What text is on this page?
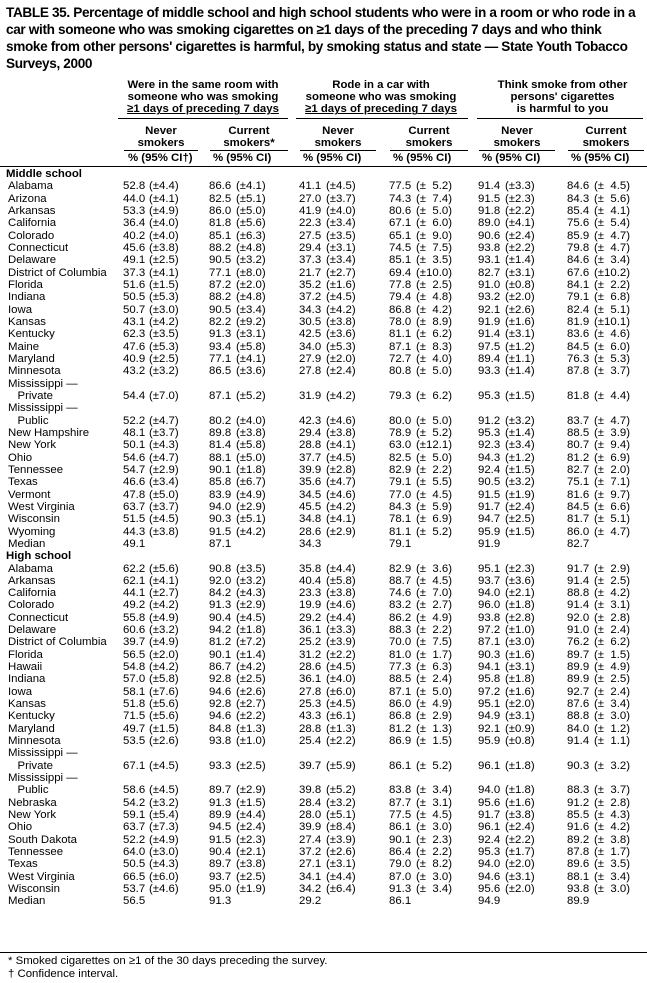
TABLE 35. Percentage of middle school and high school students who were in a room or who rode in a car with someone who was smoking cigarettes on ≥1 days of the preceding 7 days and who think smoke from other persons' cigarettes is harmful, by smoking status and state — State Youth Tobacco Surveys, 2000
Were in the same room with
someone who was smoking
≥1 days of preceding 7 days
Rode in a car with
someone who was smoking
≥1 days of preceding 7 days
Think smoke from other
persons' cigarettes
is harmful to you
Never
smokers
Current
smokers*
Never
smokers
Current
smokers
Never
smokers
Current
smokers
% (95% CI†) % (95% CI)	% (95% CI)	% (95% CI)	% (95% CI)	% (95% CI)
Middle school
Alabama	52.8 (±4.4)	86.6 (±4.1)	41.1 (±4.5)	77.5 (±  5.2) 91.4 (±3.3)	84.6 (±  4.5)
Arizona	44.0 (±4.1)	82.5 (±5.1)	27.0 (±3.7)	74.3 (±  7.4) 91.5 (±2.3)	84.3 (±  5.6)
Arkansas	53.3 (±4.9)	86.0 (±5.0)	41.9 (±4.0)	80.6 (±  5.0) 91.8 (±2.2)	85.4 (±  4.1)
California	36.4 (±4.0)	81.8 (±5.6)	22.3 (±3.4)	67.1 (±  6.0) 89.0 (±4.1)	75.6 (±  5.4)
Colorado	40.2 (±4.0)	85.1 (±6.3)	27.5 (±3.5)	65.1 (±  9.0) 90.6 (±2.4)	85.9 (±  4.7)
Connecticut	45.6 (±3.8)	88.2 (±4.8)	29.4 (±3.1)	74.5 (±  7.5) 93.8 (±2.2)	79.8 (±  4.7)
Delaware	49.1 (±2.5)	90.5 (±3.2)	37.3 (±3.4)	85.1 (±  3.5) 93.1 (±1.4)	84.6 (±  3.4)
District of Columbia 37.3 (±4.1)	77.1 (±8.0)	21.7 (±2.7)	69.4 (±10.0) 82.7 (±3.1)	67.6 (±10.2)
Florida	51.6 (±1.5)	87.2 (±2.0)	35.2 (±1.6)	77.8 (±  2.5) 91.0 (±0.8)	84.1 (±  2.2)
Indiana	50.5 (±5.3)	88.2 (±4.8)	37.2 (±4.5)	79.4 (±  4.8) 93.2 (±2.0)	79.1 (±  6.8)
Iowa	50.7 (±3.0)	90.5 (±3.4)	34.3 (±4.2)	86.8 (±  4.2) 92.1 (±2.6)	82.4 (±  5.1)
Kansas	43.1 (±4.2)	82.2 (±9.2)	30.5 (±3.8)	78.0 (±  8.9) 91.9 (±1.6)	81.9 (±10.1)
Kentucky	62.3 (±3.5)	91.3 (±3.1)	42.5 (±3.6)	81.1 (±  6.2) 91.4 (±3.1)	83.6 (±  4.6)
Maine	47.6 (±5.3)	93.4 (±5.8)	34.0 (±5.3)	87.1 (±  8.3) 97.5 (±1.2)	84.5 (±  6.0)
Maryland	40.9 (±2.5)	77.1 (±4.1)	27.9 (±2.0)	72.7 (±  4.0) 89.4 (±1.1)	76.3 (±  5.3)
Minnesota	43.2 (±3.2)	86.5 (±3.6)	27.8 (±2.4)	80.8 (±  5.0) 93.3 (±1.4)	87.8 (±  3.7)
Mississippi —
Private	54.4 (±7.0)	87.1 (±5.2)	31.9 (±4.2)	79.3 (±  6.2) 95.3 (±1.5)	81.8 (±  4.4)
Mississippi —
Public	52.2 (±4.7)	80.2 (±4.0)	42.3 (±4.6)	80.0 (±  5.0) 91.2 (±3.2)	83.7 (±  4.7)
New Hampshire	48.1 (±3.7)	89.8 (±3.8)	29.4 (±3.8)	78.9 (±  5.2) 95.3 (±1.4)	88.5 (±  3.9)
New York	50.1 (±4.3)	81.4 (±5.8)	28.8 (±4.1)	63.0 (±12.1) 92.3 (±3.4)	80.7 (±  9.4)
Ohio	54.6 (±4.7)	88.1 (±5.0)	37.7 (±4.5)	82.5 (±  5.0) 94.3 (±1.2)	81.2 (±  6.9)
Tennessee	54.7 (±2.9)	90.1 (±1.8)	39.9 (±2.8)	82.9 (±  2.2) 92.4 (±1.5)	82.7 (±  2.0)
Texas	46.6 (±3.4)	85.8 (±6.7)	35.6 (±4.7)	79.1 (±  5.5) 90.5 (±3.2)	75.1 (±  7.1)
Vermont	47.8 (±5.0)	83.9 (±4.9)	34.5 (±4.6)	77.0 (±  4.5) 91.5 (±1.9)	81.6 (±  9.7)
West Virginia	63.7 (±3.7)	94.0 (±2.9)	45.5 (±4.2)	84.3 (±  5.9) 91.7 (±2.4)	84.5 (±  6.6)
Wisconsin	51.5 (±4.5)	90.3 (±5.1)	34.8 (±4.1)	78.1 (±  6.9) 94.7 (±2.5)	81.7 (±  5.1)
Wyoming	44.3 (±3.8)	91.5 (±4.2)	28.6 (±2.9)	81.1 (±  5.2) 95.9 (±1.5)	86.0 (±  4.7)
Median	49.1	87.1	34.3	79.1	91.9	82.7
High school
Alabama	62.2 (±5.6)	90.8 (±3.5)	35.8 (±4.4)	82.9 (±  3.6) 95.1 (±2.3)	91.7 (±  2.9)
Arkansas	62.1 (±4.1)	92.0 (±3.2)	40.4 (±5.8)	88.7 (±  4.5) 93.7 (±3.6)	91.4 (±  2.5)
California	44.1 (±2.7)	84.2 (±4.3)	23.3 (±3.8)	74.6 (±  7.0) 94.0 (±2.1)	88.8 (±  4.2)
Colorado	49.2 (±4.2)	91.3 (±2.9)	19.9 (±4.6)	83.2 (±  2.7) 96.0 (±1.8)	91.4 (±  3.1)
Connecticut	55.8 (±4.9)	90.4 (±4.5)	29.2 (±4.4)	86.2 (±  4.9) 93.8 (±2.8)	92.0 (±  2.8)
Delaware	60.6 (±3.2)	94.2 (±1.8)	36.1 (±3.3)	88.3 (±  2.2) 97.2 (±1.0)	91.0 (±  2.4)
District of Columbia 39.7 (±4.9)	81.2 (±7.2)	25.2 (±3.9)	70.0 (±  7.5) 87.1 (±3.0)	76.2 (±  6.2)
Florida	56.5 (±2.0)	90.1 (±1.4)	31.2 (±2.2)	81.0 (±  1.7) 90.3 (±1.6)	89.7 (±  1.5)
Hawaii	54.8 (±4.2)	86.7 (±4.2)	28.6 (±4.5)	77.3 (±  6.3) 94.1 (±3.1)	89.9 (±  4.9)
Indiana	57.0 (±5.8)	92.8 (±2.5)	36.1 (±4.0)	88.5 (±  2.4) 95.8 (±1.8)	89.9 (±  2.5)
Iowa	58.1 (±7.6)	94.6 (±2.6)	27.8 (±6.0)	87.1 (±  5.0) 97.2 (±1.6)	92.7 (±  2.4)
Kansas	51.8 (±5.6)	92.8 (±2.7)	25.3 (±4.5)	86.0 (±  4.9) 95.1 (±2.0)	87.6 (±  3.4)
Kentucky	71.5 (±5.6)	94.6 (±2.2)	43.3 (±6.1)	86.8 (±  2.9) 94.9 (±3.1)	88.8 (±  3.0)
Maryland	49.7 (±1.5)	84.8 (±1.3)	28.8 (±1.3)	81.2 (±  1.3) 92.1 (±0.9)	84.0 (±  1.2)
Minnesota	53.5 (±2.6)	93.8 (±1.0)	25.4 (±2.2)	86.9 (±  1.5) 95.9 (±0.8)	91.4 (±  1.1)
Mississippi —
Private	67.1 (±4.5)	93.3 (±2.5)	39.7 (±5.9)	86.1 (±  5.2) 96.1 (±1.8)	90.3 (±  3.2)
Mississippi —
Public	58.6 (±4.5)	89.7 (±2.9)	39.8 (±5.2)	83.8 (±  3.4) 94.0 (±1.8)	88.3 (±  3.7)
Nebraska	54.2 (±3.2)	91.3 (±1.5)	28.4 (±3.2)	87.7 (±  3.1) 95.6 (±1.6)	91.2 (±  2.8)
New York	59.1 (±5.4)	89.9 (±4.4)	28.0 (±5.1)	77.5 (±  4.5) 91.7 (±3.8)	85.5 (±  4.3)
Ohio	63.7 (±7.3)	94.5 (±2.4)	39.9 (±8.4)	86.1 (±  3.0) 96.1 (±2.4)	91.6 (±  4.2)
South Dakota	52.2 (±4.9)	91.5 (±2.3)	27.4 (±3.9)	90.1 (±  2.3) 92.4 (±2.2)	89.2 (±  3.8)
Tennessee	64.0 (±3.0)	90.4 (±2.1)	37.2 (±2.6)	86.4 (±  2.2) 95.3 (±1.7)	87.8 (±  1.7)
Texas	50.5 (±4.3)	89.7 (±3.8)	27.1 (±3.1)	79.0 (±  8.2) 94.0 (±2.0)	89.6 (±  3.5)
West Virginia	66.5 (±6.0)	93.7 (±2.5)	34.1 (±4.4)	87.0 (±  3.0) 94.6 (±3.1)	88.1 (±  3.4)
Wisconsin	53.7 (±4.6)	95.0 (±1.9)	34.2 (±6.4)	91.3 (±  3.4) 95.6 (±2.0)	93.8 (±  3.0)
Median	56.5	91.3	29.2	86.1	94.9	89.9
* Smoked cigarettes on ≥1 of the 30 days preceding the survey.
† Confidence interval.
